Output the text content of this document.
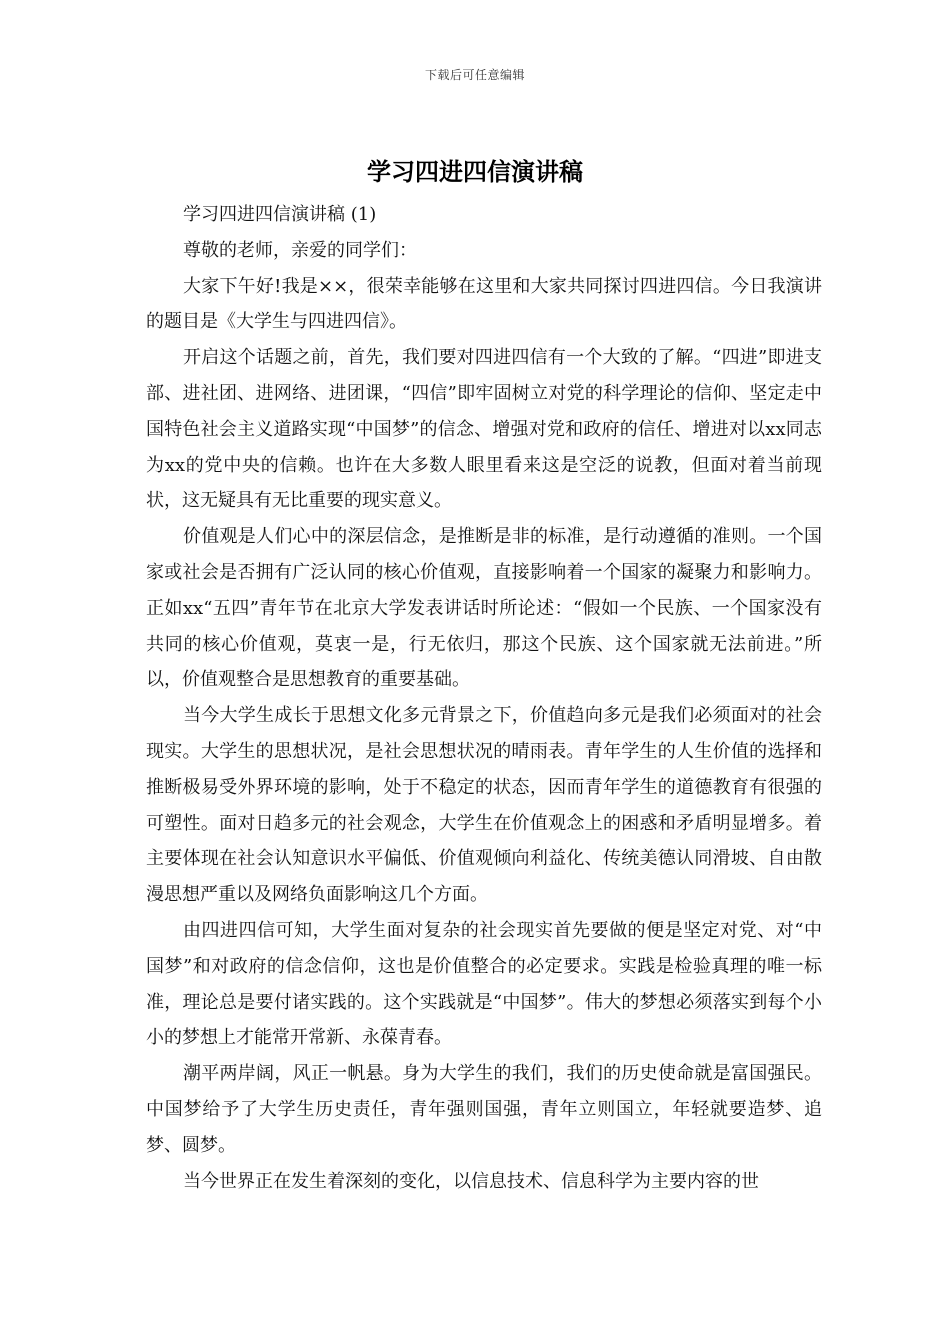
下载后可任意编辑
学习四进四信演讲稿

学习四进四信演讲稿 (1)

尊敬的老师，亲爱的同学们：

大家下午好!我是××，很荣幸能够在这里和大家共同探讨四进四信。今日我演讲的题目是《大学生与四进四信》。

开启这个话题之前，首先，我们要对四进四信有一个大致的了解。“四进”即进支部、进社团、进网络、进团课，“四信”即牢固树立对党的科学理论的信仰、坚定走中国特色社会主义道路实现“中国梦”的信念、增强对党和政府的信任、增进对以xx同志为xx的党中央的信赖。也许在大多数人眼里看来这是空泛的说教，但面对着当前现状，这无疑具有无比重要的现实意义。

价值观是人们心中的深层信念，是推断是非的标准，是行动遵循的准则。一个国家或社会是否拥有广泛认同的核心价值观，直接影响着一个国家的凝聚力和影响力。正如xx“五四”青年节在北京大学发表讲话时所论述：“假如一个民族、一个国家没有共同的核心价值观，莫衷一是，行无依归，那这个民族、这个国家就无法前进。”所以，价值观整合是思想教育的重要基础。

当今大学生成长于思想文化多元背景之下，价值趋向多元是我们必须面对的社会现实。大学生的思想状况，是社会思想状况的晴雨表。青年学生的人生价值的选择和推断极易受外界环境的影响，处于不稳定的状态，因而青年学生的道德教育有很强的可塑性。面对日趋多元的社会观念，大学生在价值观念上的困惑和矛盾明显增多。着主要体现在社会认知意识水平偏低、价值观倾向利益化、传统美德认同滑坡、自由散漫思想严重以及网络负面影响这几个方面。

由四进四信可知，大学生面对复杂的社会现实首先要做的便是坚定对党、对“中国梦”和对政府的信念信仰，这也是价值整合的必定要求。实践是检验真理的唯一标准，理论总是要付诸实践的。这个实践就是“中国梦”。伟大的梦想必须落实到每个小小的梦想上才能常开常新、永葆青春。

潮平两岸阔，风正一帆悬。身为大学生的我们，我们的历史使命就是富国强民。中国梦给予了大学生历史责任，青年强则国强，青年立则国立，年轻就要造梦、追梦、圆梦。

当今世界正在发生着深刻的变化，以信息技术、信息科学为主要内容的世
